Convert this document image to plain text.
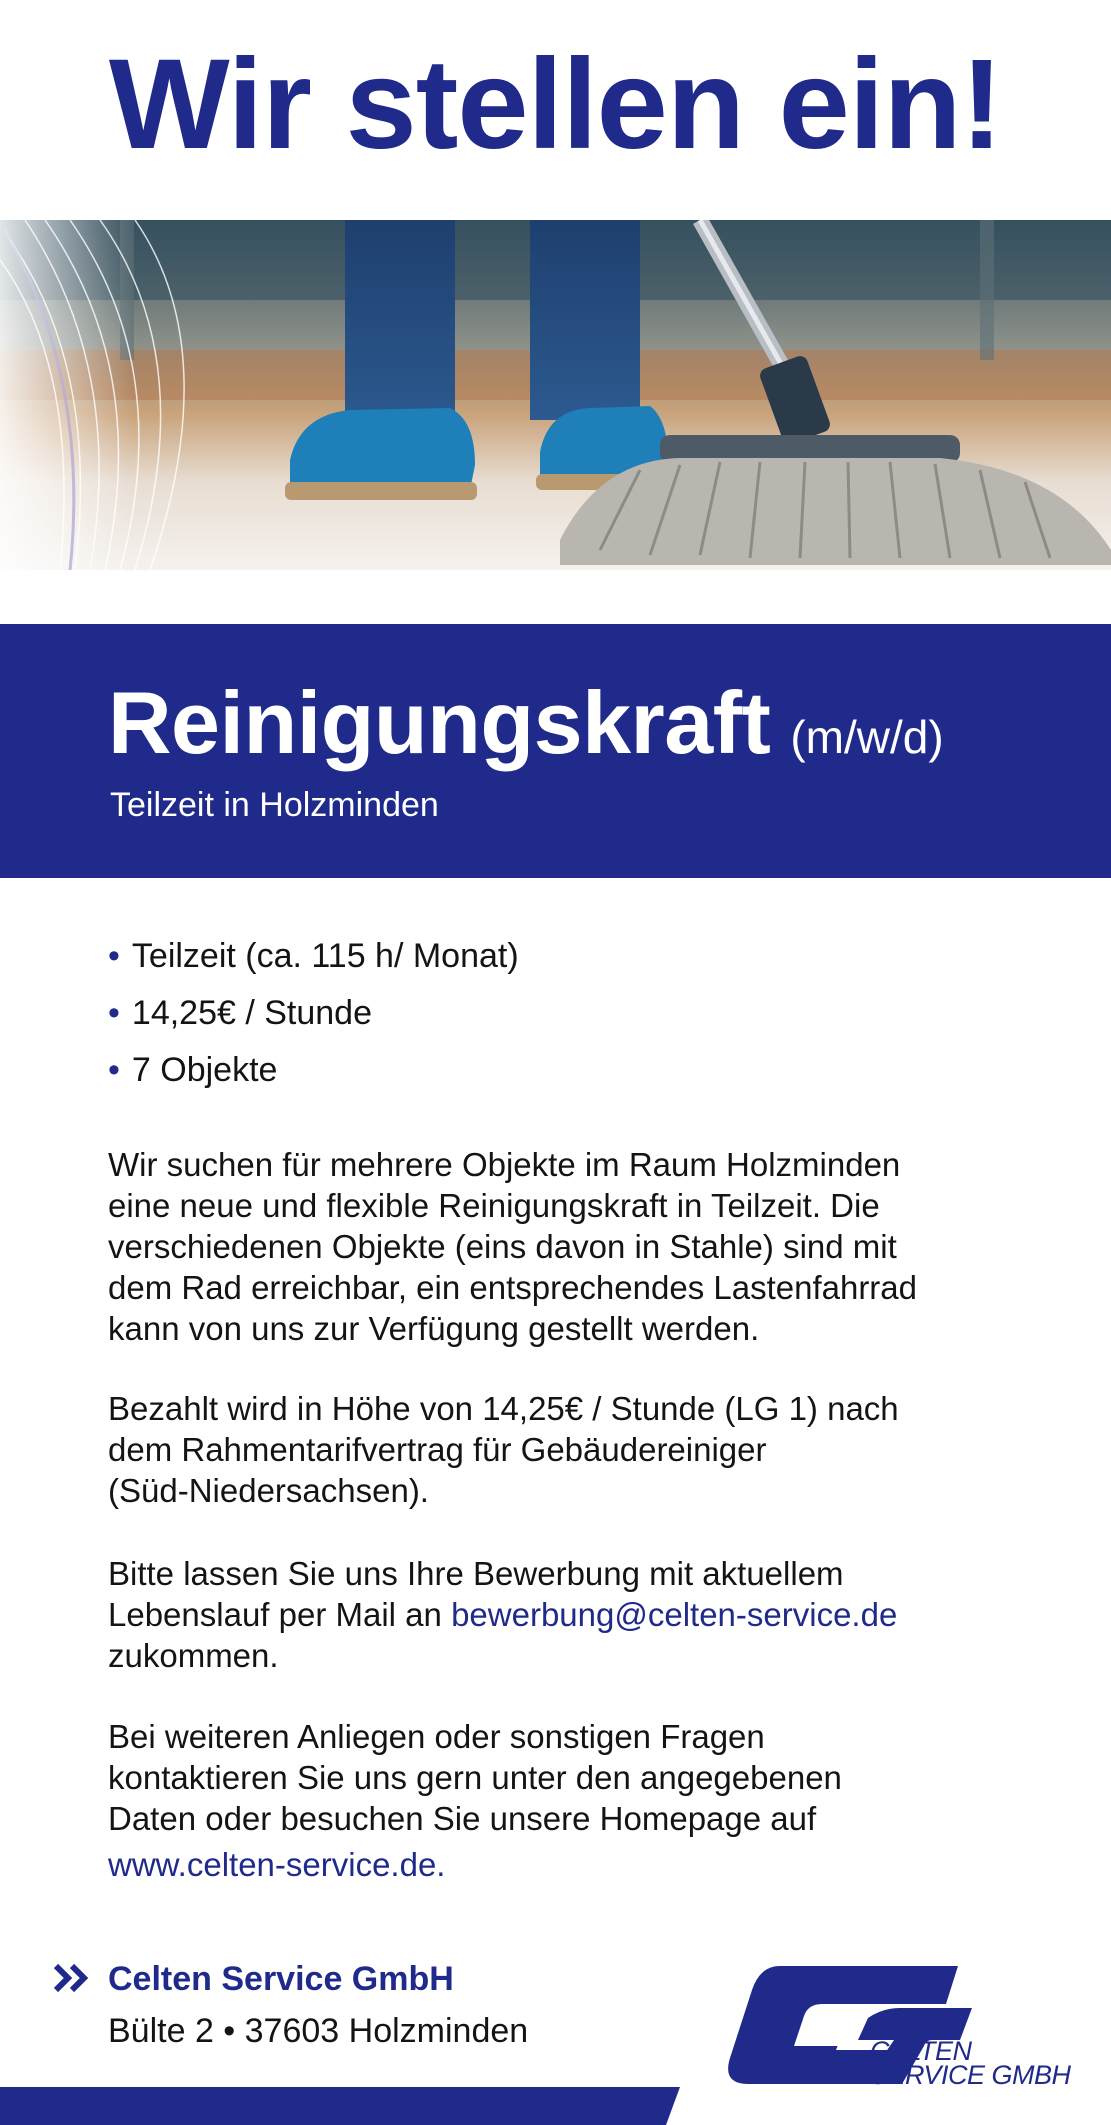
Wir stellen ein!
Reinigungskraft (m/w/d)
Teilzeit in Holzminden
• Teilzeit (ca. 115 h/ Monat)
• 14,25€ / Stunde
• 7 Objekte

Wir suchen für mehrere Objekte im Raum Holzminden
eine neue und flexible Reinigungskraft in Teilzeit. Die
verschiedenen Objekte (eins davon in Stahle) sind mit
dem Rad erreichbar, ein entsprechendes Lastenfahrrad
kann von uns zur Verfügung gestellt werden.

Bezahlt wird in Höhe von 14,25€ / Stunde (LG 1) nach
dem Rahmentarifvertrag für Gebäudereiniger
(Süd-Niedersachsen).

Bitte lassen Sie uns Ihre Bewerbung mit aktuellem
Lebenslauf per Mail an bewerbung@celten-service.de
zukommen.

Bei weiteren Anliegen oder sonstigen Fragen
kontaktieren Sie uns gern unter den angegebenen
Daten oder besuchen Sie unsere Homepage auf
www.celten-service.de.

Celten Service GmbH
Bülte 2 • 37603 Holzminden
CELTEN
SERVICE GMBH
